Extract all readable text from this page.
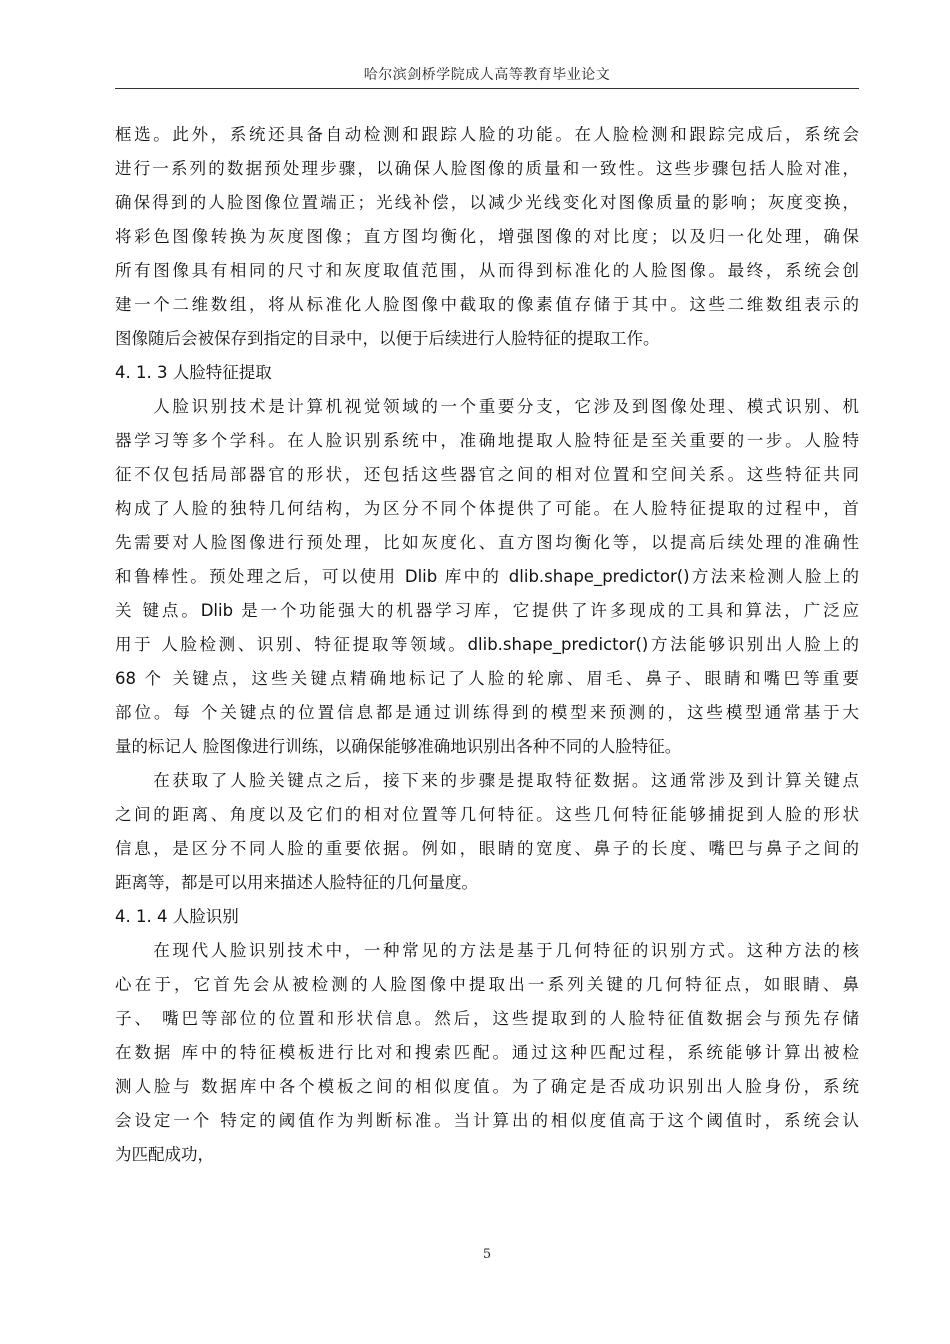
哈尔滨剑桥学院成人高等教育毕业论文
框选。此外，系统还具备自动检测和跟踪人脸的功能。在人脸检测和跟踪完成后，系统会
进行一系列的数据预处理步骤，以确保人脸图像的质量和一致性。这些步骤包括人脸对准，
确保得到的人脸图像位置端正；光线补偿，以减少光线变化对图像质量的影响；灰度变换，
将彩色图像转换为灰度图像；直方图均衡化，增强图像的对比度；以及归一化处理，确保
所有图像具有相同的尺寸和灰度取值范围，从而得到标准化的人脸图像。最终，系统会创
建一个二维数组，将从标准化人脸图像中截取的像素值存储于其中。这些二维数组表示的
图像随后会被保存到指定的目录中，以便于后续进行人脸特征的提取工作。
4. 1. 3 人脸特征提取
　　人脸识别技术是计算机视觉领域的一个重要分支，它涉及到图像处理、模式识别、机
器学习等多个学科。在人脸识别系统中，准确地提取人脸特征是至关重要的一步。人脸特
征不仅包括局部器官的形状，还包括这些器官之间的相对位置和空间关系。这些特征共同
构成了人脸的独特几何结构，为区分不同个体提供了可能。在人脸特征提取的过程中，首
先需要对人脸图像进行预处理，比如灰度化、直方图均衡化等，以提高后续处理的准确性
和鲁棒性。预处理之后，可以使用 Dlib 库中的 dlib.shape_predictor()方法来检测人脸上的
关 键点。Dlib 是一个功能强大的机器学习库，它提供了许多现成的工具和算法，广泛应
用于 人脸检测、识别、特征提取等领域。dlib.shape_predictor()方法能够识别出人脸上的
68 个 关键点，这些关键点精确地标记了人脸的轮廓、眉毛、鼻子、眼睛和嘴巴等重要
部位。每 个关键点的位置信息都是通过训练得到的模型来预测的，这些模型通常基于大
量的标记人 脸图像进行训练，以确保能够准确地识别出各种不同的人脸特征。
　　在获取了人脸关键点之后，接下来的步骤是提取特征数据。这通常涉及到计算关键点
之间的距离、角度以及它们的相对位置等几何特征。这些几何特征能够捕捉到人脸的形状
信息，是区分不同人脸的重要依据。例如，眼睛的宽度、鼻子的长度、嘴巴与鼻子之间的
距离等，都是可以用来描述人脸特征的几何量度。
4. 1. 4 人脸识别
　　在现代人脸识别技术中，一种常见的方法是基于几何特征的识别方式。这种方法的核
心在于，它首先会从被检测的人脸图像中提取出一系列关键的几何特征点，如眼睛、鼻
子、 嘴巴等部位的位置和形状信息。然后，这些提取到的人脸特征值数据会与预先存储
在数据 库中的特征模板进行比对和搜索匹配。通过这种匹配过程，系统能够计算出被检
测人脸与 数据库中各个模板之间的相似度值。为了确定是否成功识别出人脸身份，系统
会设定一个 特定的阈值作为判断标准。当计算出的相似度值高于这个阈值时，系统会认
为匹配成功，
5
